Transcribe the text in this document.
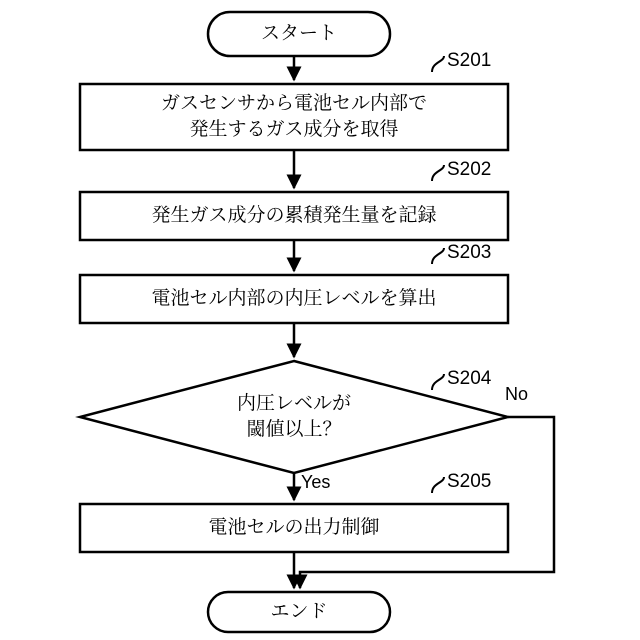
スタート
ガスセンサから電池セル内部で
発生するガス成分を取得
発生ガス成分の累積発生量を記録
電池セル内部の内圧レベルを算出
内圧レベルが
閾値以上？
電池セルの出力制御
エンド
S201
S202
S203
S204
S205
No
Yes
